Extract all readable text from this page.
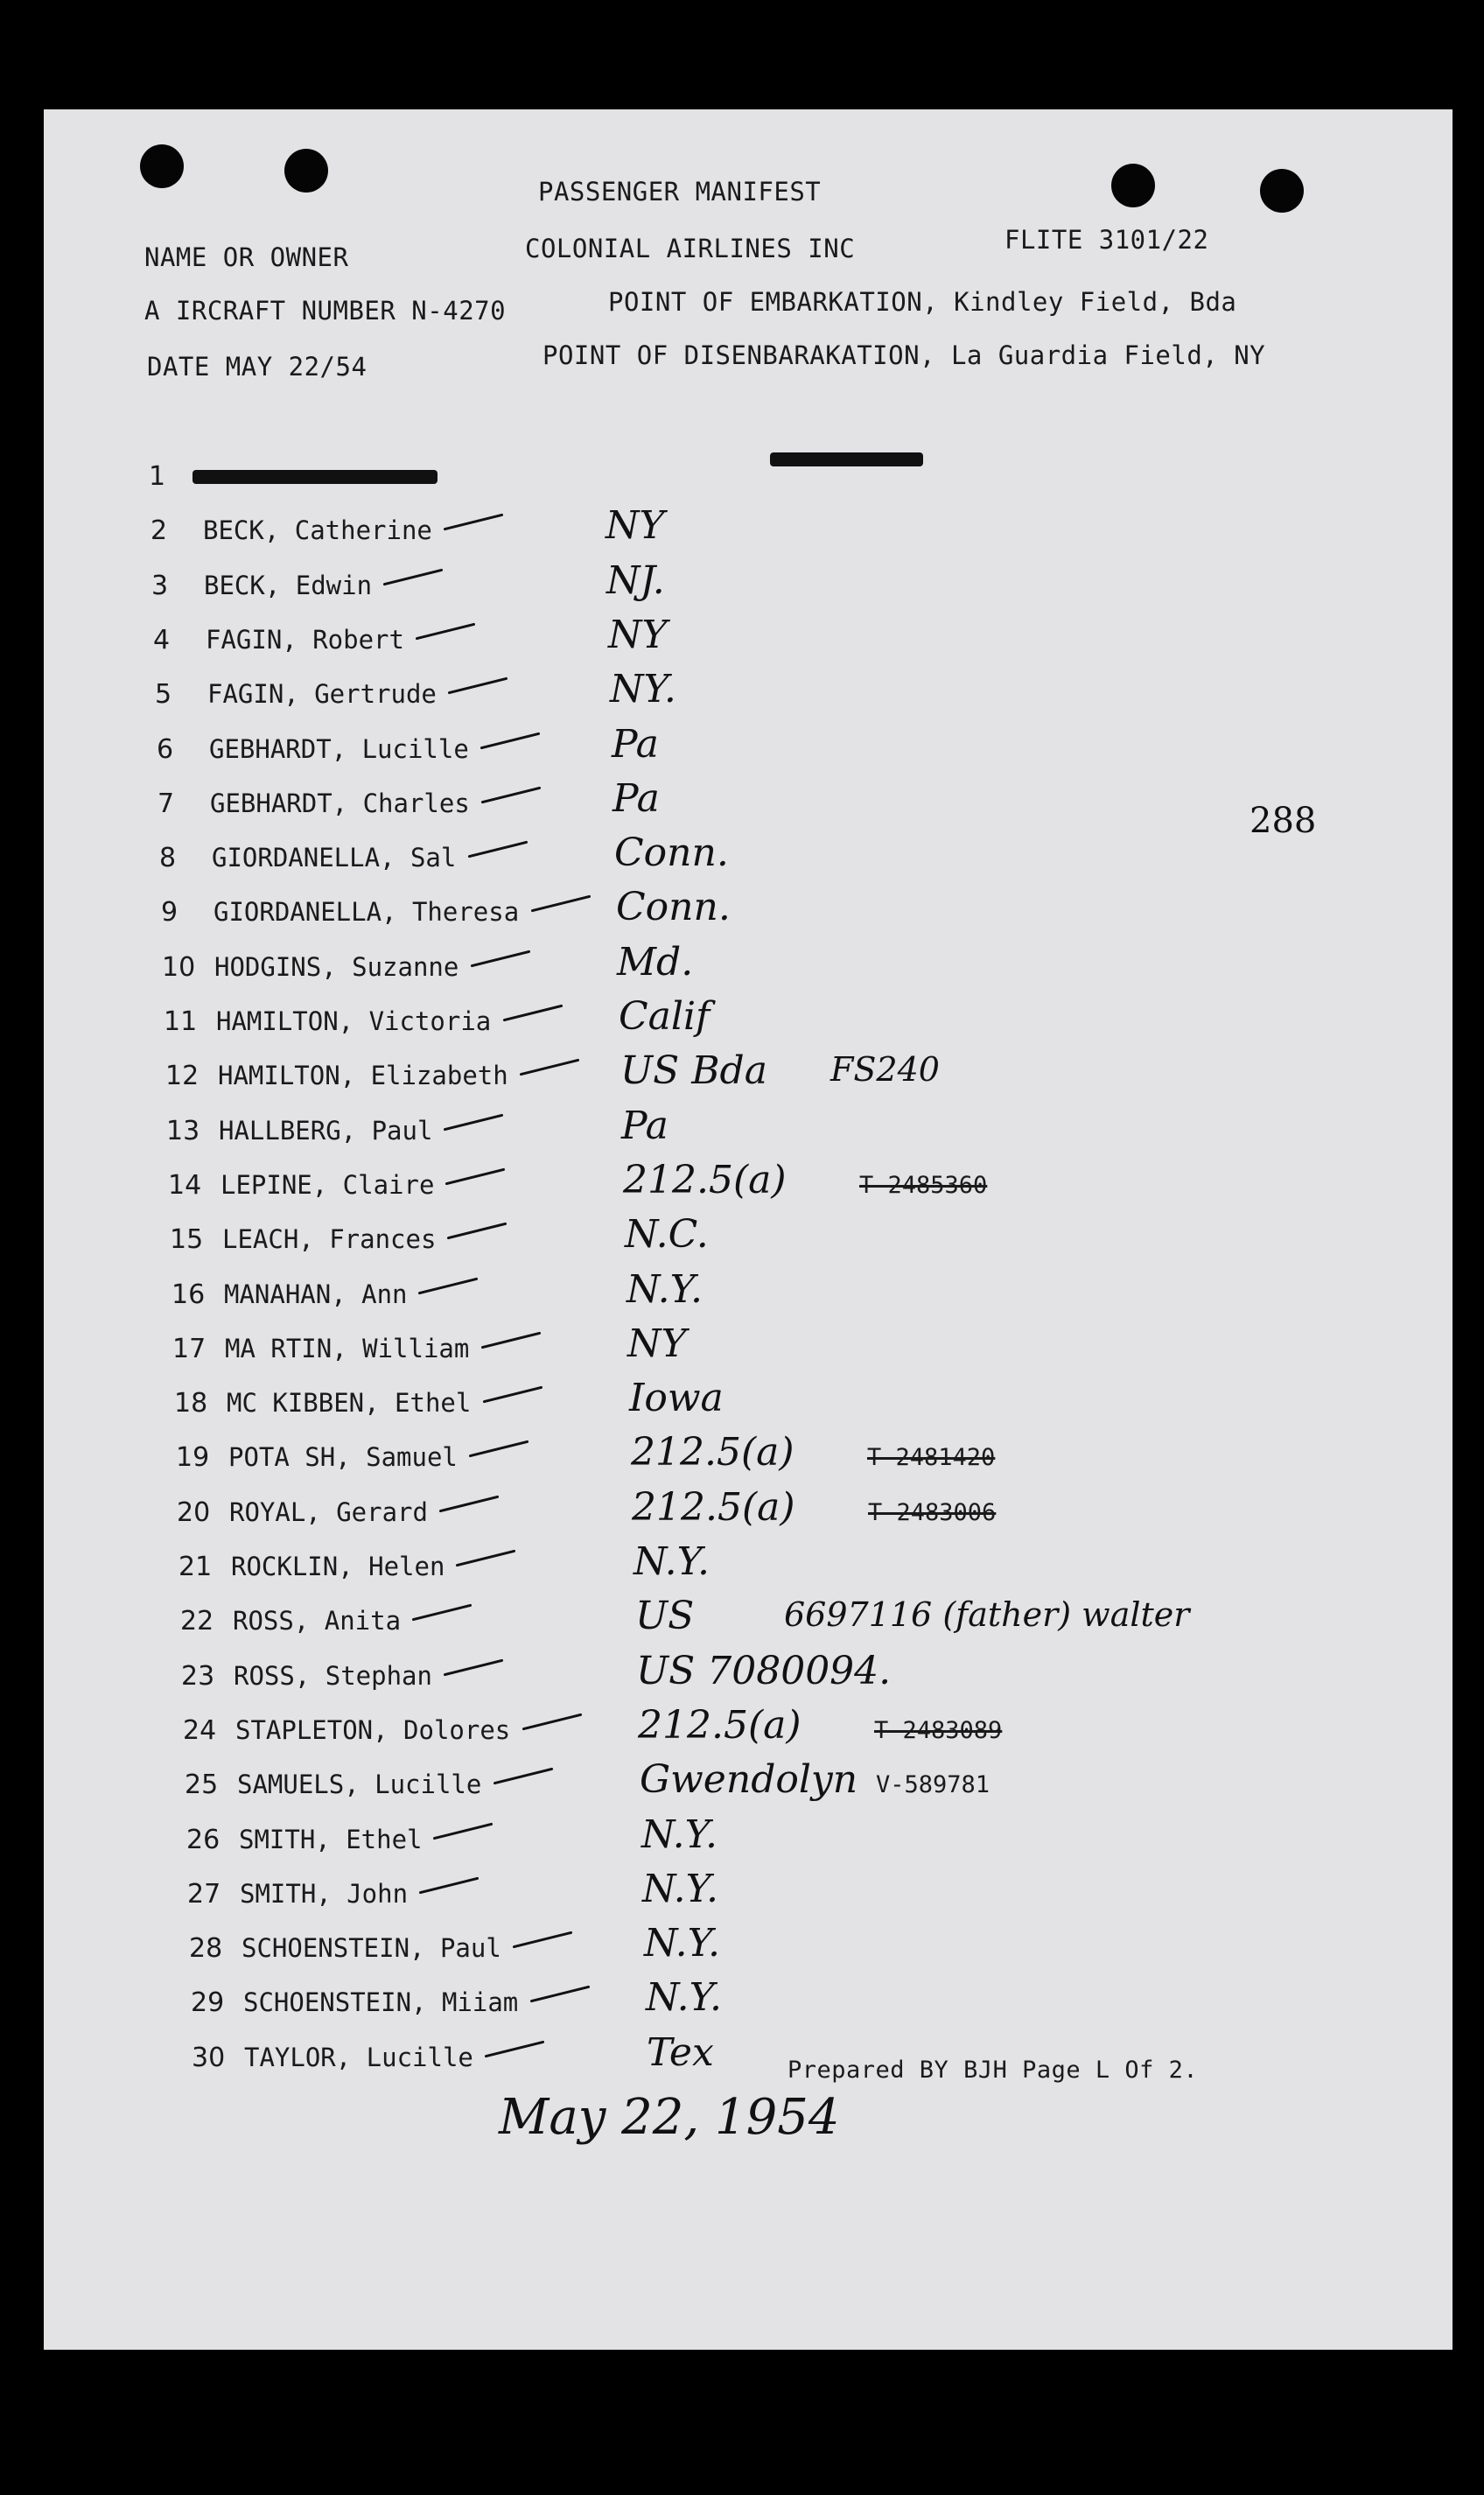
PASSENGER MANIFEST
NAME OR OWNER	COLONIAL AIRLINES INC	FLITE 3101/22
A IRCRAFT NUMBER N-4270	POINT OF EMBARKATION, Kindley Field, Bda
DATE MAY 22/54	POINT OF DISENBARAKATION, La Guardia Field, NY
288
1
2 BECK, Catherine	NY
3 BECK, Edwin	NJ.
4 FAGIN, Robert	NY
5 FAGIN, Gertrude	NY.
6 GEBHARDT, Lucille	Pa
7 GEBHARDT, Charles	Pa
8 GIORDANELLA, Sal	Conn.
9 GIORDANELLA, Theresa	Conn.
10 HODGINS, Suzanne	Md.
11 HAMILTON, Victoria	Calif
12 HAMILTON, Elizabeth	US Bda FS240
13 HALLBERG, Paul	Pa
14 LEPINE, Claire	212.5(a)	T-2485360
15 LEACH, Frances	N.C.
16 MANAHAN, Ann	N.Y.
17 MA RTIN, William	NY
18 MC KIBBEN, Ethel	Iowa
19 POTA SH, Samuel	212.5(a)	T-2481420
20 ROYAL, Gerard	212.5(a)	T-2483006
21 ROCKLIN, Helen	N.Y.
22 ROSS, Anita	US	6697116 (father) walter
23 ROSS, Stephan	US 7080094.
24 STAPLETON, Dolores	212.5(a)	T-2483089
25 SAMUELS, Lucille	Gwendolyn V-589781
26 SMITH, Ethel	N.Y.
27 SMITH, John	N.Y.
28 SCHOENSTEIN, Paul	N.Y.
29 SCHOENSTEIN, Miiam	N.Y.
30 TAYLOR, Lucille	Tex	Prepared BY BJH Page L Of 2.
May 22, 1954
